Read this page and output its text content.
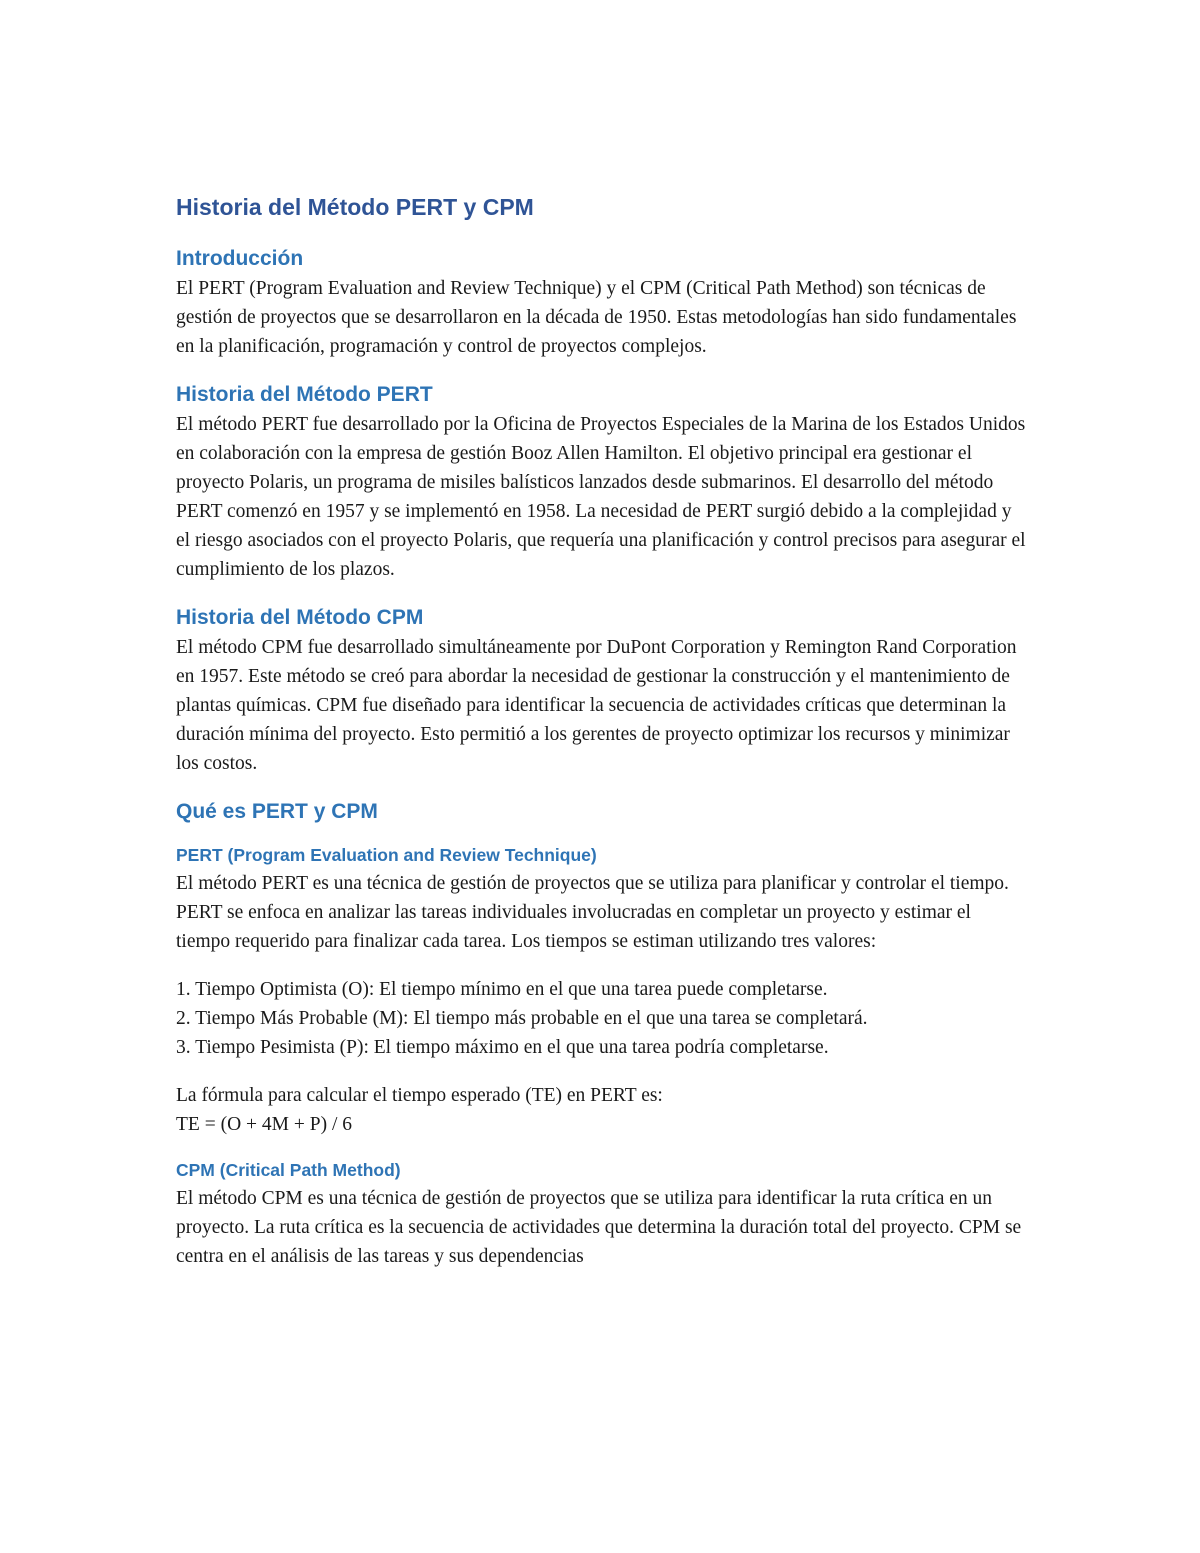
Historia del Método PERT y CPM
Introducción

El PERT (Program Evaluation and Review Technique) y el CPM (Critical Path Method) son técnicas de gestión de proyectos que se desarrollaron en la década de 1950. Estas metodologías han sido fundamentales en la planificación, programación y control de proyectos complejos.

Historia del Método PERT

El método PERT fue desarrollado por la Oficina de Proyectos Especiales de la Marina de los Estados Unidos en colaboración con la empresa de gestión Booz Allen Hamilton. El objetivo principal era gestionar el proyecto Polaris, un programa de misiles balísticos lanzados desde submarinos. El desarrollo del método PERT comenzó en 1957 y se implementó en 1958. La necesidad de PERT surgió debido a la complejidad y el riesgo asociados con el proyecto Polaris, que requería una planificación y control precisos para asegurar el cumplimiento de los plazos.

Historia del Método CPM

El método CPM fue desarrollado simultáneamente por DuPont Corporation y Remington Rand Corporation en 1957. Este método se creó para abordar la necesidad de gestionar la construcción y el mantenimiento de plantas químicas. CPM fue diseñado para identificar la secuencia de actividades críticas que determinan la duración mínima del proyecto. Esto permitió a los gerentes de proyecto optimizar los recursos y minimizar los costos.

Qué es PERT y CPM
PERT (Program Evaluation and Review Technique)

El método PERT es una técnica de gestión de proyectos que se utiliza para planificar y controlar el tiempo. PERT se enfoca en analizar las tareas individuales involucradas en completar un proyecto y estimar el tiempo requerido para finalizar cada tarea. Los tiempos se estiman utilizando tres valores:

1. Tiempo Optimista (O): El tiempo mínimo en el que una tarea puede completarse.
2. Tiempo Más Probable (M): El tiempo más probable en el que una tarea se completará.
3. Tiempo Pesimista (P): El tiempo máximo en el que una tarea podría completarse.

La fórmula para calcular el tiempo esperado (TE) en PERT es:
TE = (O + 4M + P) / 6

CPM (Critical Path Method)

El método CPM es una técnica de gestión de proyectos que se utiliza para identificar la ruta crítica en un proyecto. La ruta crítica es la secuencia de actividades que determina la duración total del proyecto. CPM se centra en el análisis de las tareas y sus dependencias
